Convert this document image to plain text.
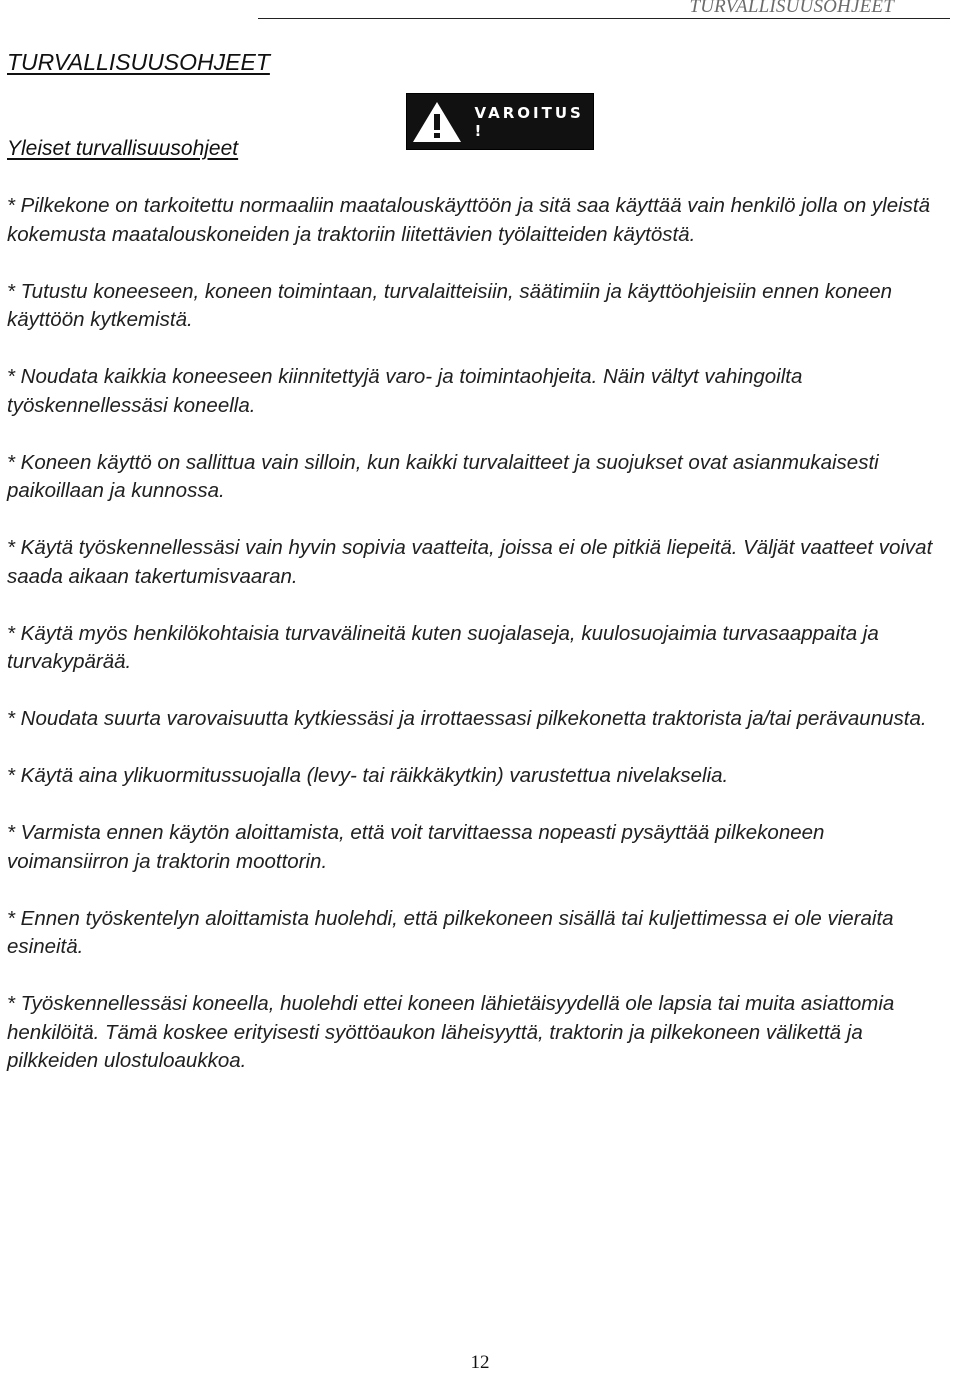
TURVALLISUUSOHJEET
TURVALLISUUSOHJEET
VAROITUS !
Yleiset turvallisuusohjeet
* Pilkekone on tarkoitettu normaaliin maatalouskäyttöön ja sitä saa käyttää vain henkilö jolla on yleistä kokemusta maatalouskoneiden ja traktoriin liitettävien työlaitteiden käytöstä.
* Tutustu koneeseen, koneen toimintaan, turvalaitteisiin, säätimiin ja käyttöohjeisiin ennen koneen käyttöön kytkemistä.
* Noudata kaikkia koneeseen kiinnitettyjä varo- ja toimintaohjeita. Näin vältyt vahingoilta työskennellessäsi koneella.
* Koneen käyttö on sallittua vain silloin, kun kaikki turvalaitteet ja suojukset ovat asianmukaisesti paikoillaan ja kunnossa.
* Käytä työskennellessäsi vain hyvin sopivia vaatteita, joissa ei ole pitkiä liepeitä. Väljät vaatteet voivat saada aikaan takertumisvaaran.
* Käytä myös henkilökohtaisia turvavälineitä kuten suojalaseja, kuulosuojaimia turvasaappaita ja turvakypärää.
* Noudata suurta varovaisuutta kytkiessäsi ja irrottaessasi pilkekonetta traktorista ja/tai perävaunusta.
* Käytä aina ylikuormitussuojalla (levy- tai räikkäkytkin) varustettua nivelakselia.
* Varmista ennen käytön aloittamista, että voit tarvittaessa nopeasti pysäyttää pilkekoneen voimansiirron ja traktorin moottorin.
* Ennen työskentelyn aloittamista huolehdi, että pilkekoneen sisällä tai kuljettimessa ei ole vieraita esineitä.
* Työskennellessäsi koneella, huolehdi ettei koneen lähietäisyydellä ole lapsia tai muita asiattomia henkilöitä. Tämä koskee erityisesti syöttöaukon läheisyyttä, traktorin ja pilkekoneen välikettä ja pilkkeiden ulostuloaukkoa.
12
